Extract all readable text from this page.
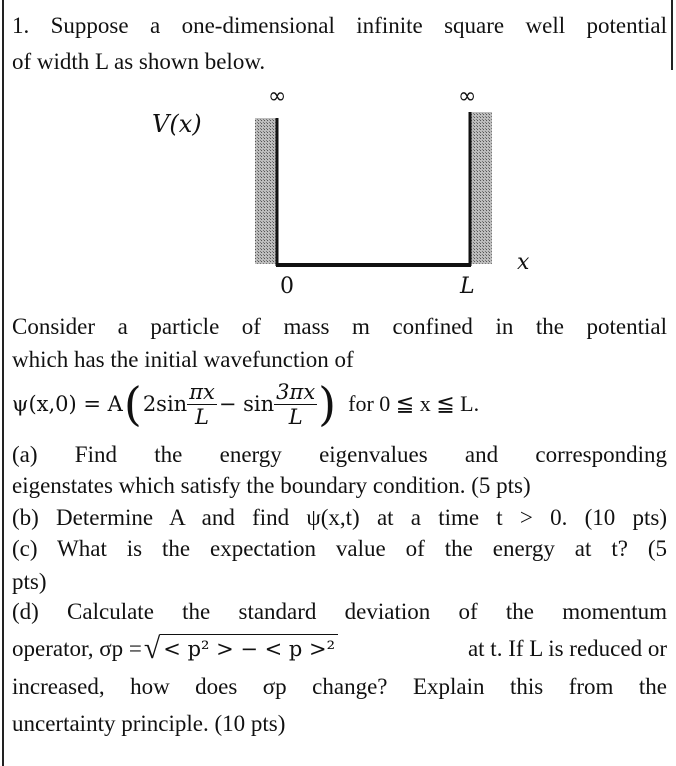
1. Suppose a one-dimensional infinite square well potential
of width L as shown below.
V(x)
∞	∞
0	L
x
Consider a particle of mass m confined in the potential
which has the initial wavefunction of
ψ(x,0) = A ( $2\sin \frac{\pi x}{L} - \sin \frac{3\pi x}{L}$ ) for 0 ≦ x ≦ L.
(a) Find the energy eigenvalues and corresponding
eigenstates which satisfy the boundary condition. (5 pts)
(b) Determine A and find ψ(x,t) at a time t > 0. (10 pts)
(c) What is the expectation value of the energy at t? (5
pts)
(d) Calculate the standard deviation of the momentum
operator, σp = √ < p² > − < p >²	at t. If L is reduced or
increased, how does σp change? Explain this from the
uncertainty principle. (10 pts)
